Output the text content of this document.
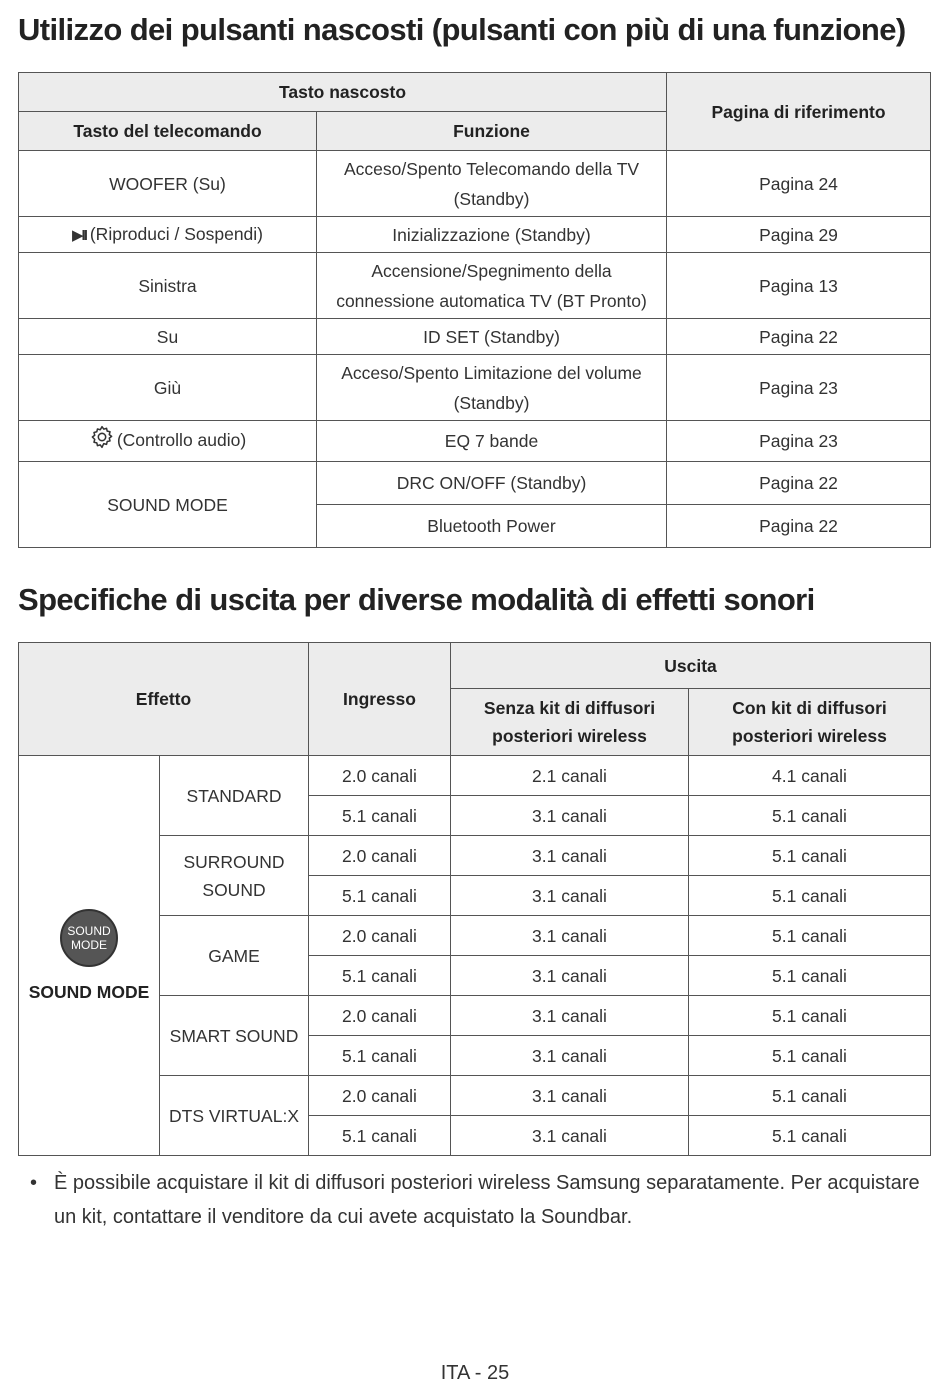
Utilizzo dei pulsanti nascosti (pulsanti con più di una funzione)
Tasto nascosto		Pagina di riferimento
Tasto del telecomando	Funzione	
WOOFER (Su)	Acceso/Spento Telecomando della TV (Standby)	Pagina 24
▶II (Riproduci / Sospendi)	Inizializzazione (Standby)	Pagina 29
Sinistra	Accensione/Spegnimento della connessione automatica TV (BT Pronto)	Pagina 13
Su	ID SET (Standby)	Pagina 22
Giù	Acceso/Spento Limitazione del volume (Standby)	Pagina 23
(Controllo audio)	EQ 7 bande	Pagina 23
SOUND MODE	DRC ON/OFF (Standby)	Pagina 22
	Bluetooth Power	Pagina 22
Specifiche di uscita per diverse modalità di effetti sonori
Effetto		Ingresso	Uscita	
			Senza kit di diffusori posteriori wireless	Con kit di diffusori posteriori wireless

SOUND
MODE
SOUND MODE	STANDARD	2.0 canali	2.1 canali	4.1 canali
		5.1 canali	3.1 canali	5.1 canali
	SURROUND SOUND	2.0 canali	3.1 canali	5.1 canali
		5.1 canali	3.1 canali	5.1 canali
	GAME	2.0 canali	3.1 canali	5.1 canali
		5.1 canali	3.1 canali	5.1 canali
	SMART SOUND	2.0 canali	3.1 canali	5.1 canali
		5.1 canali	3.1 canali	5.1 canali
	DTS VIRTUAL:X	2.0 canali	3.1 canali	5.1 canali
		5.1 canali	3.1 canali	5.1 canali
• È possibile acquistare il kit di diffusori posteriori wireless Samsung separatamente. Per acquistare un kit, contattare il venditore da cui avete acquistato la Soundbar.
ITA - 25
